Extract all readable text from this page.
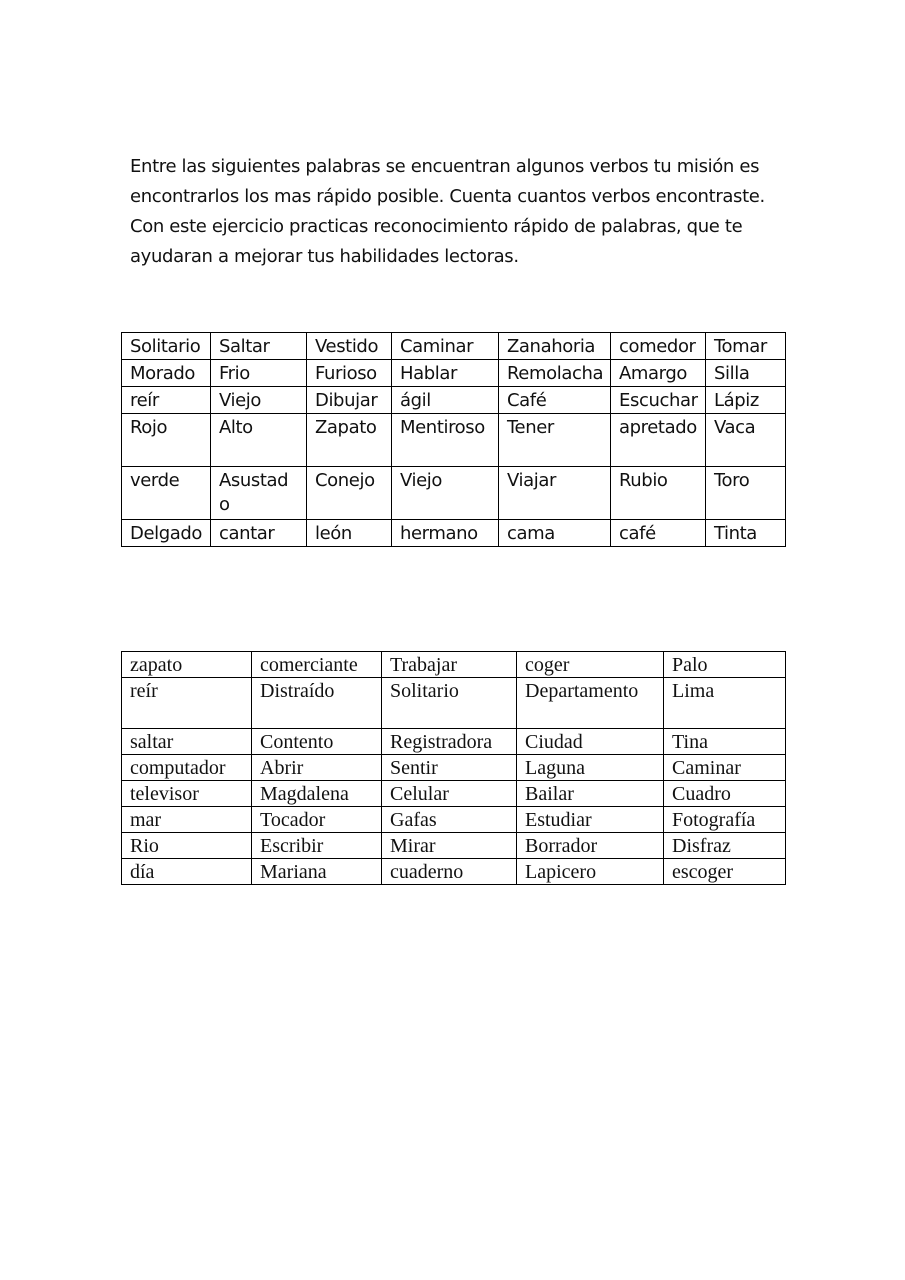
Entre las siguientes palabras se encuentran algunos verbos tu misión es

encontrarlos los mas rápido posible. Cuenta cuantos verbos encontraste.

Con este ejercicio practicas reconocimiento rápido de palabras, que te

ayudaran a mejorar tus habilidades lectoras.

Solitario	Saltar	Vestido	Caminar	Zanahoria	comedor	Tomar
Morado	Frio	Furioso	Hablar	Remolacha	Amargo	Silla
reír	Viejo	Dibujar	ágil	Café	Escuchar	Lápiz
Rojo	Alto	Zapato	Mentiroso	Tener	apretado	Vaca
verde	Asustado	Conejo	Viejo	Viajar	Rubio	Toro
Delgado	cantar	león	hermano	cama	café	Tinta
zapato	comerciante	Trabajar	coger	Palo
reír	Distraído	Solitario	Departamento	Lima
saltar	Contento	Registradora	Ciudad	Tina
computador	Abrir	Sentir	Laguna	Caminar
televisor	Magdalena	Celular	Bailar	Cuadro
mar	Tocador	Gafas	Estudiar	Fotografía
Rio	Escribir	Mirar	Borrador	Disfraz
día	Mariana	cuaderno	Lapicero	escoger
